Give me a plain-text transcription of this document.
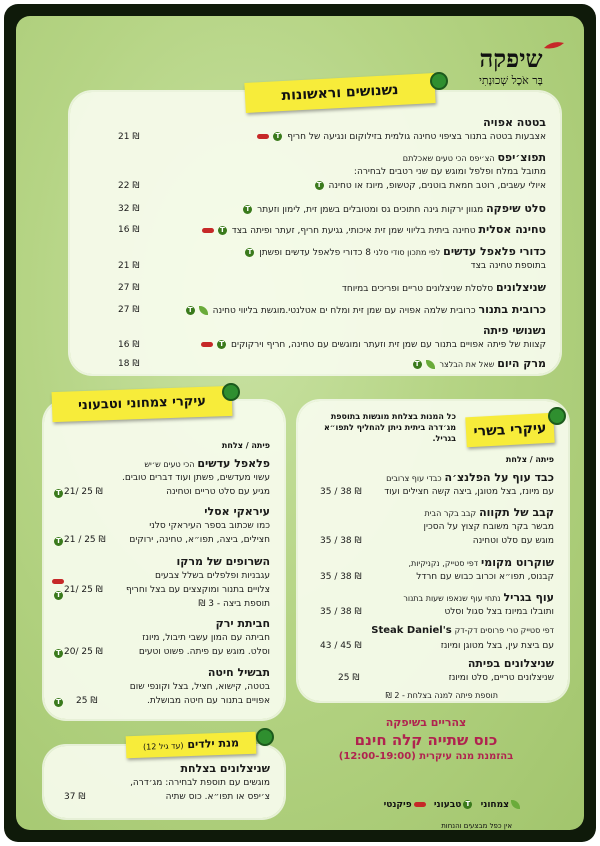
שיפקה
בָּר אֹכֶל שְׁכוּנָתִי
נשנושים וראשונות
בטטה אפויה
אצבעות בטטה בתנור בציפוי טחינה גולמית בזילוקום ונגיעה של חריף T
21 ₪
תפוצ׳יפס הצ׳יפס הכי טעים שאכלתם
מתובל במלח ופלפל ומוגש עם שני רטבים לבחירה:
איולי עשבים, רוטב חמאת בוטנים, קטשופ, מיונז או טחינה T
22 ₪
סלט שיפקה מגוון ירקות גינה חתוכים גס ומטובלים בשמן זית, לימון וזעתר T
32 ₪
טחינה אסלית טחינה ביתית בליווי שמן זית איכותי, גגיעת חריף, זעתר ופיתה בצד T
16 ₪
כדורי פלאפל עדשים לפי מתכון סודי סלני 8 כדורי פלאפל עדשים ופשתן T
בתוספת טחינה בצד
21 ₪
שניצלונים סלסלת שניצלונים טריים ופריכים במיוחד
27 ₪
כרובית בתנור כרובית שלמה אפויה עם שמן זית ומלח ים אטלנטי.מוגשת בליווי טחינה T
27 ₪
נשנושי פיתה
קצוות של פיתה אפויים בתנור עם שמן זית וזעתר ומוגשים עם טחינה, חריף וירקוקים T
16 ₪
מרק היום שאל את הבלצר T
18 ₪
עיקרי צמחוני וטבעוני
פיתה / צלחת
פלאפל עדשים הכי טעים ש׳יש
עשוי מעדשים, פשתן ועוד דברים טובים.
מגיע עם סלט טריים וטחינה
21/ 25 ₪
T
עיראקי אסלי
כמו שכתוב בספר העיראקי סלני
חצילים, ביצה, תפו״א, טחינה, ירוקים
21 / 25 ₪
T
השרופים של מרקו
עגבניות ופלפלים בשלל צבעים
צלויים בתנור ומוקצצים עם בצל וחריף
תוספת ביצה - 3 ₪
21/ 25 ₪
T
חביתת ירק
חביתה עם המון עשבי תיבול, מיונז
וסלט. מוגש עם פיתה. פשוט וטעים
20/ 25 ₪
T
תבשיל חיטה
בטטה, קישוא, חציל, בצל וקונפי שום
אפויים בתנור עם חיטה מבושלת.
25 ₪
T
עיקרי בשרי
כל המנות בצלחת מוגשות בתוספת מג׳דרה ביתית ניתן להחליף לתפו״א בגריל.
פיתה / צלחת
כבד עוף על הפלנצ׳ה כבדי עוף צרובים
עם מיונז, בצל מטוגן, ביצה קשה חצילים ועוד
35 / 38 ₪
קבב של תקווה קבב בקר הבית
מבשר בקר משובח קצוץ על הסכין
מוגש עם סלט וטחינה
35 / 38 ₪
שוקרוט מקומי דפי סטייק, נקניקיות,
קבנוס, תפו״א וכרוב כבוש עם חרדל
35 / 38 ₪
עוף בגריל נתחי עוף שנאפו שעות בתנור
ותובלו במיונז בצל סגול וסלט
35 / 38 ₪
דפי סטייק טרי פרוסים דק-דק Steak Daniel's
עם ביצת עין, בצל מטוגן ומיונז
43 / 45 ₪
שניצלונים בפיתה
שניצלונים טריים, סלט ומיונז
25 ₪
תוספת פיתה למנה בצלחת - 2 ₪
מנת ילדים (עד גיל 12)
שניצלונים בצלחת
מוגשים עם תוספת לבחירה: מג׳דרה,
צ׳יפס או תפו״א. כוס שתיה
37 ₪
צהריים בשיפקה
כוס שתייה קלה חינם
בהזמנת מנה עיקרית (12:00-19:00)
צמחוני  Tטבעוני  פיקנטי
אין כפל מבצעים והנחות
